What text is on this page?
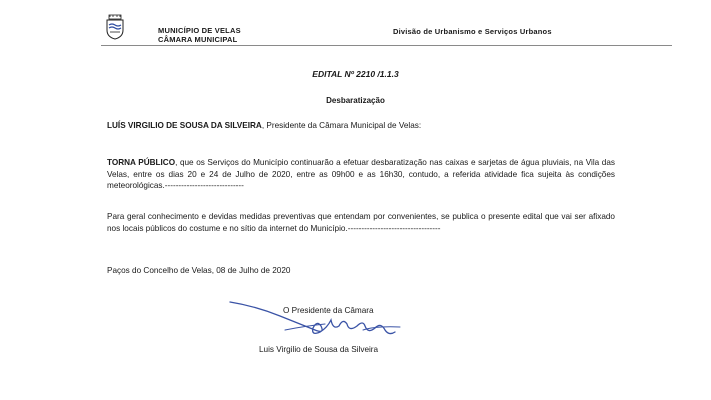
MUNICÍPIO DE VELAS
CÂMARA MUNICIPAL
Divisão de Urbanismo e Serviços Urbanos
EDITAL Nº 2210 /1.1.3
Desbaratização
LUÍS VIRGILIO DE SOUSA DA SILVEIRA, Presidente da Câmara Municipal de Velas:
TORNA PÚBLICO, que os Serviços do Município continuarão a efetuar desbaratização nas caixas e sarjetas de água pluviais, na Vila das Velas, entre os dias 20 e 24 de Julho de 2020, entre as 09h00 e as 16h30, contudo, a referida atividade fica sujeita às condições meteorológicas.-----------------------------
Para geral conhecimento e devidas medidas preventivas que entendam por convenientes, se publica o presente edital que vai ser afixado nos locais públicos do costume e no sítio da internet do Município.----------------------------------
Paços do Concelho de Velas, 08 de Julho de 2020
O Presidente da Câmara
Luis Virgilio de Sousa da Silveira
